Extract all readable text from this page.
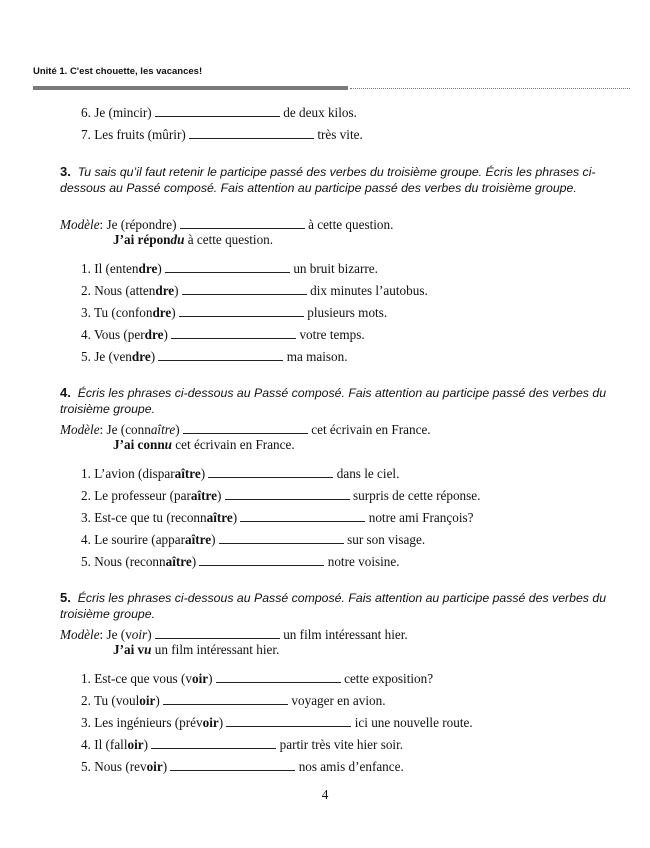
Unité 1. C'est chouette, les vacances!
6. Je (mincir)	de deux kilos.
7. Les fruits (mûrir)	très vite.
3. Tu sais qu’il faut retenir le participe passé des verbes du troisième groupe. Écris les phrases ci-dessous au Passé composé. Fais attention au participe passé des verbes du troisième groupe.
Modèle: Je (répondre)	à cette question.
J’ai répondu à cette question.
1. Il (entendre)	un bruit bizarre.
2. Nous (attendre)	dix minutes l’autobus.
3. Tu (confondre)	plusieurs mots.
4. Vous (perdre)	votre temps.
5. Je (vendre)	ma maison.
4. Écris les phrases ci-dessous au Passé composé. Fais attention au participe passé des verbes du troisième groupe.
Modèle: Je (connaître)	cet écrivain en France.
J’ai connu cet écrivain en France.
1. L’avion (disparaître)	dans le ciel.
2. Le professeur (paraître)	surpris de cette réponse.
3. Est-ce que tu (reconnaître)	notre ami François?
4. Le sourire (apparaître)	sur son visage.
5. Nous (reconnaître)	notre voisine.
5. Écris les phrases ci-dessous au Passé composé. Fais attention au participe passé des verbes du troisième groupe.
Modèle: Je (voir)	un film intéressant hier.
J’ai vu un film intéressant hier.
1. Est-ce que vous (voir)	cette exposition?
2. Tu (vouloir)	voyager en avion.
3. Les ingénieurs (prévoir)	ici une nouvelle route.
4. Il (falloir)	partir très vite hier soir.
5. Nous (revoir)	nos amis d’enfance.
4
